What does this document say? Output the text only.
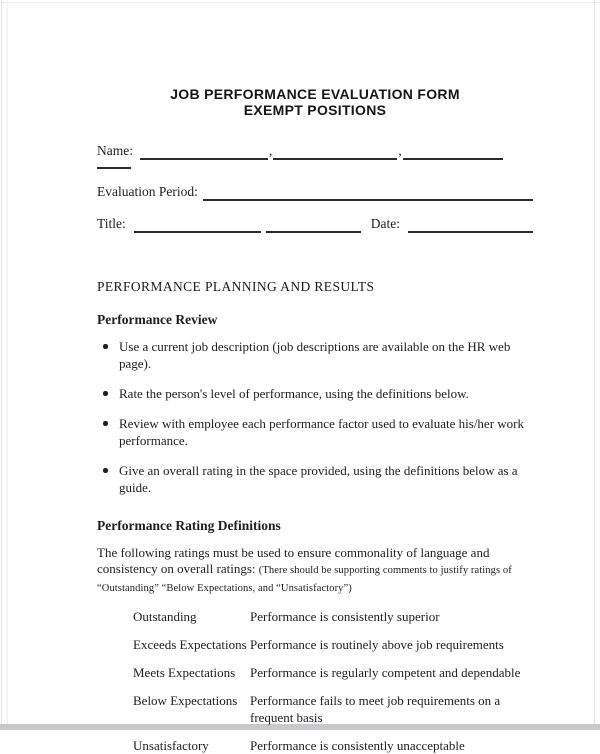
JOB PERFORMANCE EVALUATION FORM
EXEMPT POSITIONS
Name:	,	,
Evaluation Period:
Title:	Date:
PERFORMANCE PLANNING AND RESULTS
Performance Review
Use a current job description (job descriptions are available on the HR web page).
Rate the person's level of performance, using the definitions below.
Review with employee each performance factor used to evaluate his/her work performance.
Give an overall rating in the space provided, using the definitions below as a guide.
Performance Rating Definitions
The following ratings must be used to ensure commonality of language and consistency on overall ratings: (There should be supporting comments to justify ratings of “Outstanding” “Below Expectations, and “Unsatisfactory”)
Outstanding	Performance is consistently superior
Exceeds Expectations Performance is routinely above job requirements
Meets Expectations	Performance is regularly competent and dependable
Below Expectations Performance fails to meet job requirements on a frequent basis
Unsatisfactory	Performance is consistently unacceptable
